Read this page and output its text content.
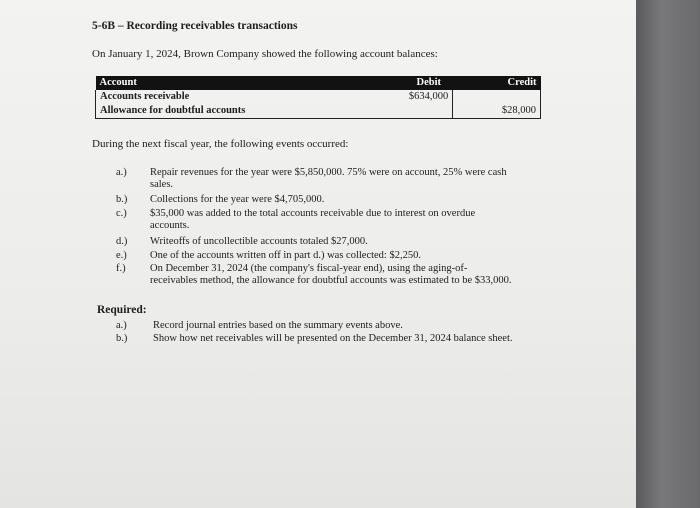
5-6B – Recording receivables transactions
On January 1, 2024, Brown Company showed the following account balances:
Account	Debit	Credit
Accounts receivable	$634,000	
Allowance for doubtful accounts		$28,000
During the next fiscal year, the following events occurred:
a.) Repair revenues for the year were $5,850,000. 75% were on account, 25% were cash
sales.
b.) Collections for the year were $4,705,000.
c.) $35,000 was added to the total accounts receivable due to interest on overdue
accounts.
d.) Writeoffs of uncollectible accounts totaled $27,000.
e.) One of the accounts written off in part d.) was collected: $2,250.
f.) On December 31, 2024 (the company's fiscal-year end), using the aging-of-
receivables method, the allowance for doubtful accounts was estimated to be $33,000.
Required:
a.) Record journal entries based on the summary events above.
b.) Show how net receivables will be presented on the December 31, 2024 balance sheet.
